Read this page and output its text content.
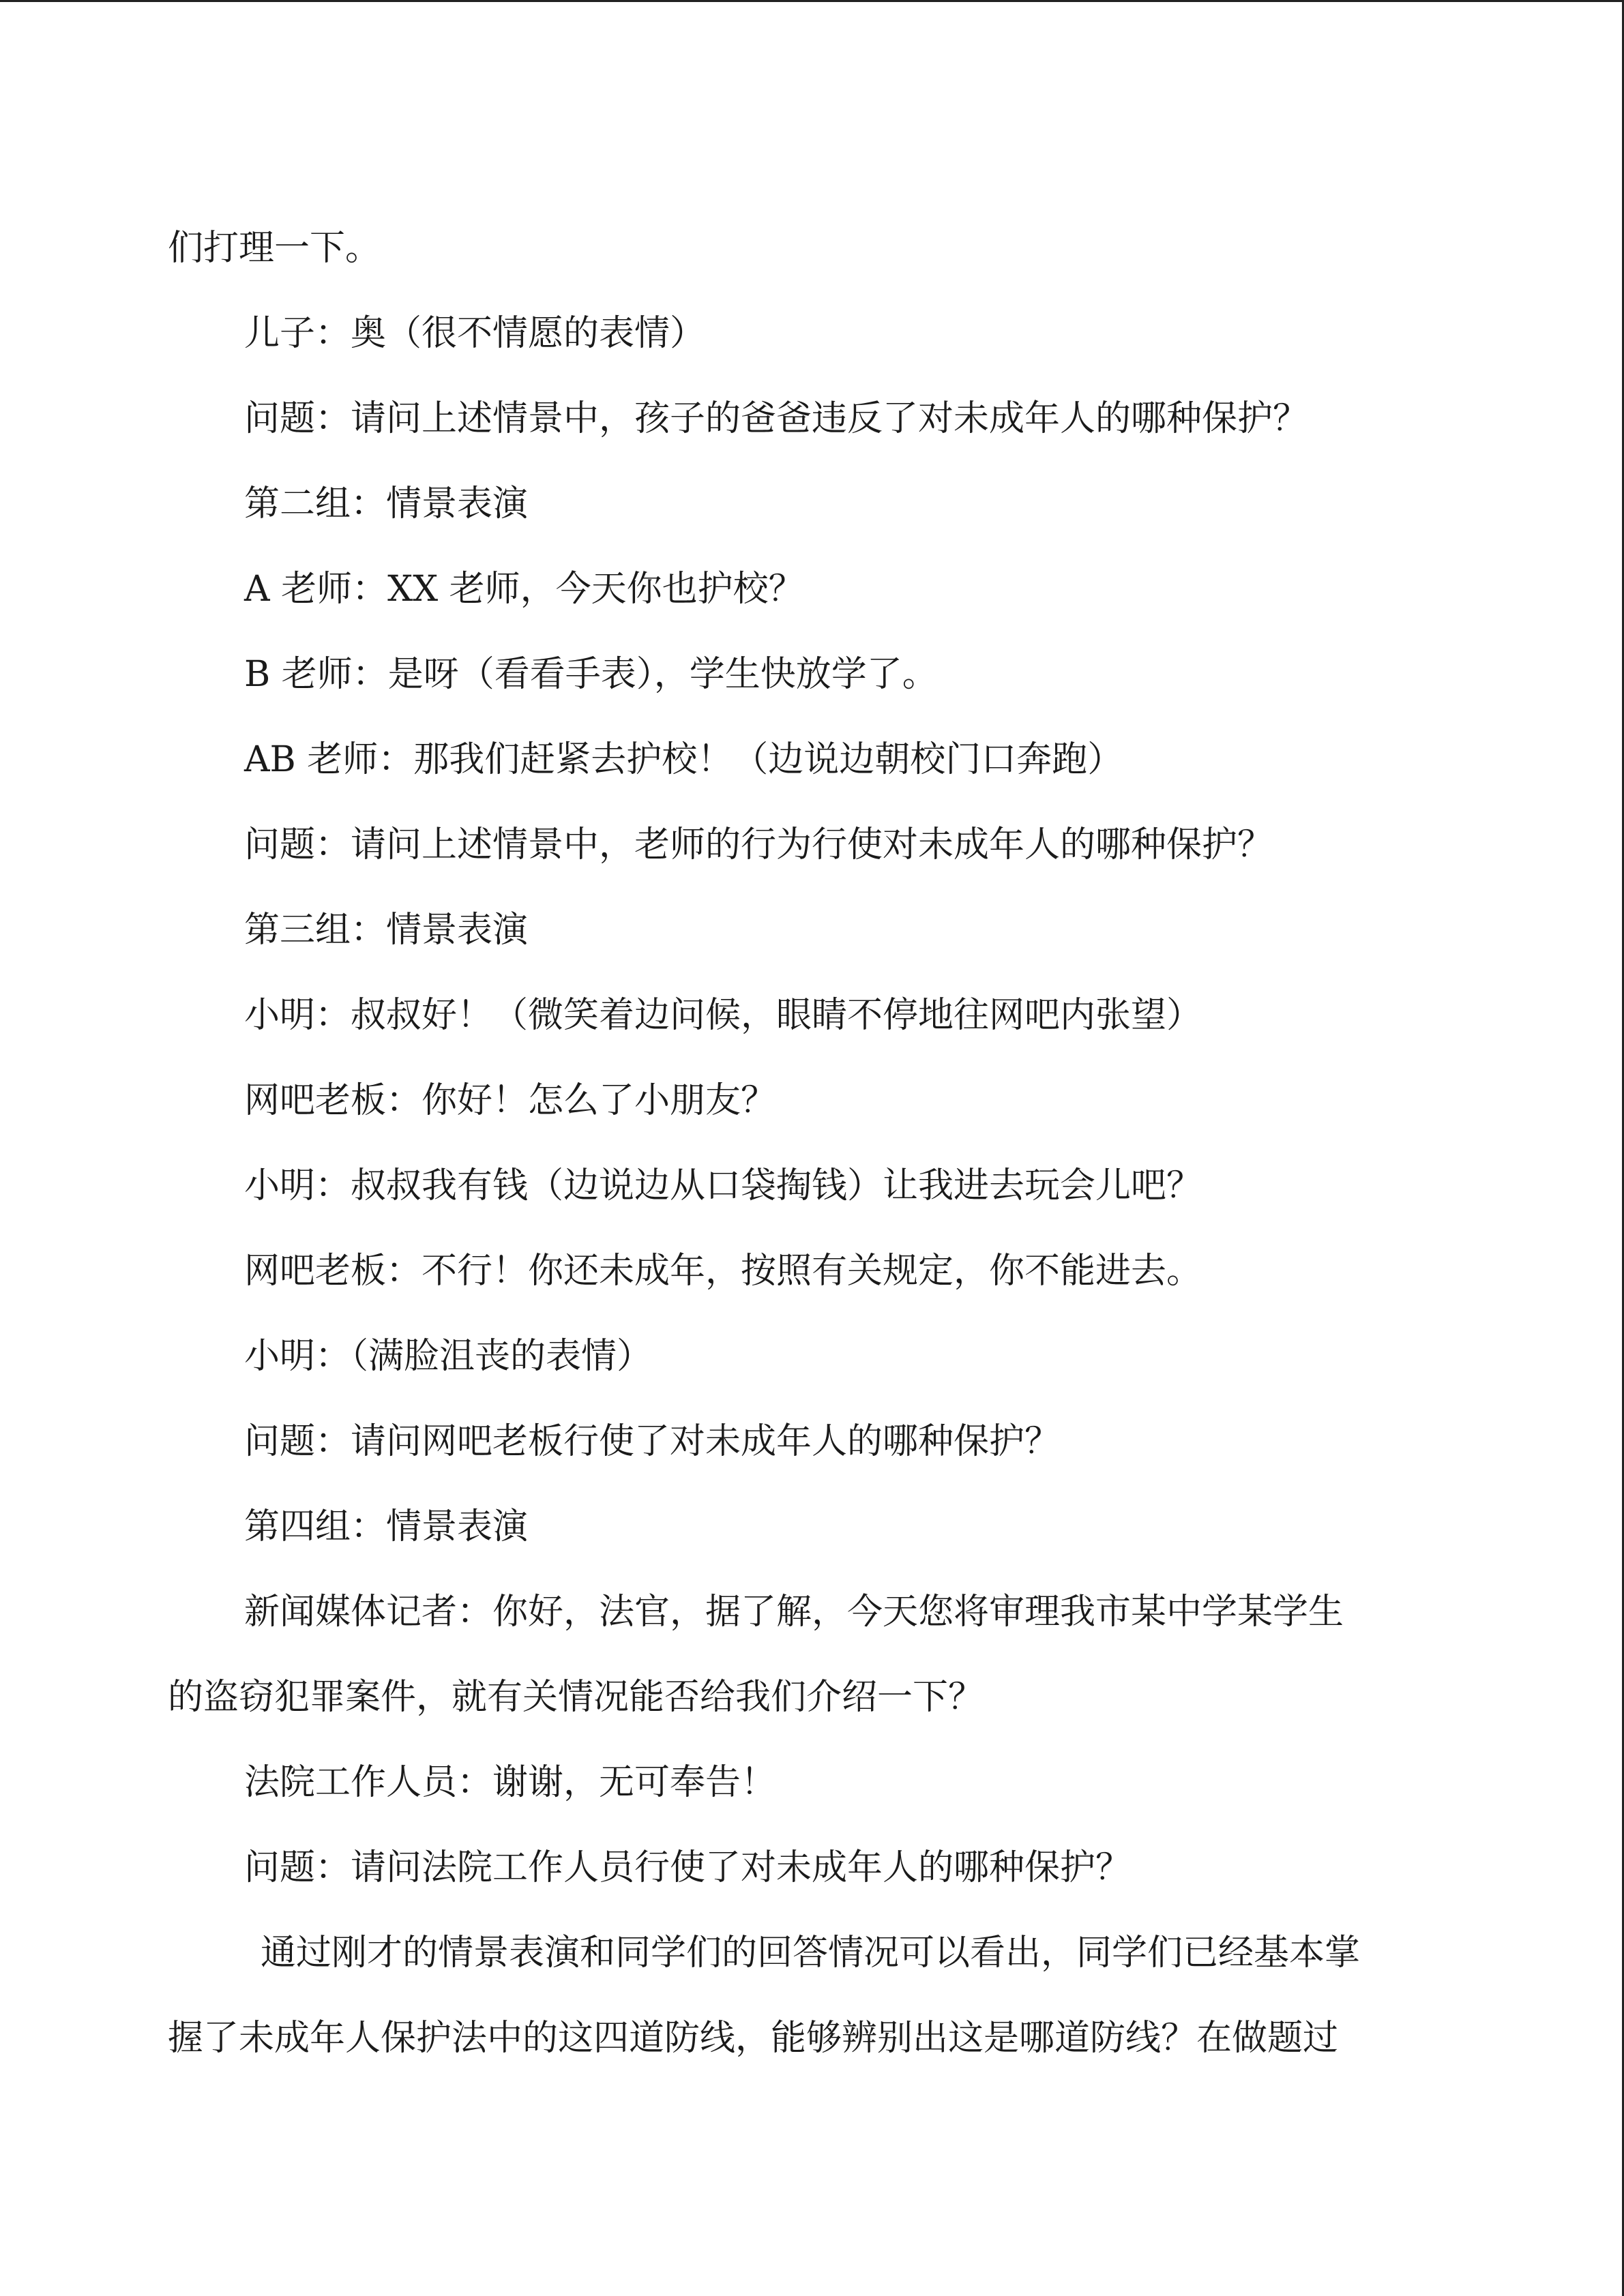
们打理一下。

儿子：奥（很不情愿的表情）

问题：请问上述情景中，孩子的爸爸违反了对未成年人的哪种保护？

第二组：情景表演

A 老师：XX 老师，今天你也护校？

B 老师：是呀（看看手表），学生快放学了。

AB 老师：那我们赶紧去护校！（边说边朝校门口奔跑）

问题：请问上述情景中，老师的行为行使对未成年人的哪种保护？

第三组：情景表演

小明：叔叔好！（微笑着边问候，眼睛不停地往网吧内张望）

网吧老板：你好！怎么了小朋友？

小明：叔叔我有钱（边说边从口袋掏钱）让我进去玩会儿吧？

网吧老板：不行！你还未成年，按照有关规定，你不能进去。

小明：（满脸沮丧的表情）

问题：请问网吧老板行使了对未成年人的哪种保护？

第四组：情景表演

新闻媒体记者：你好，法官，据了解，今天您将审理我市某中学某学生

的盗窃犯罪案件，就有关情况能否给我们介绍一下？

法院工作人员：谢谢，无可奉告！

问题：请问法院工作人员行使了对未成年人的哪种保护？

通过刚才的情景表演和同学们的回答情况可以看出，同学们已经基本掌

握了未成年人保护法中的这四道防线，能够辨别出这是哪道防线？在做题过
